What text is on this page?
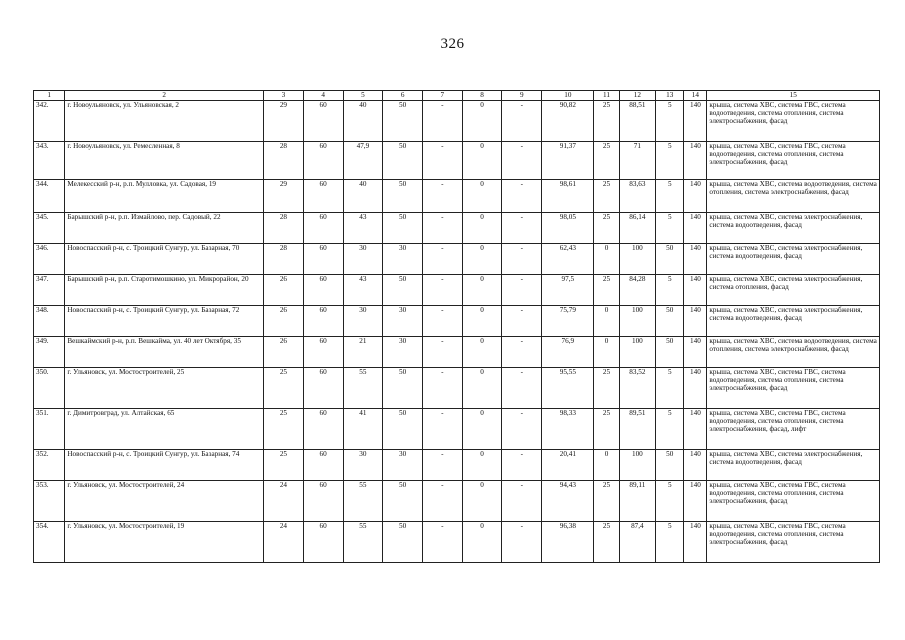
326
1	2	3	4	5	6	7	8	9	10	11	12	13	14	15
342.	г. Новоульяновск, ул. Ульяновская, 2	29	60	40	50	-	0	-	90,82	25	88,51	5	140	крыша, система ХВС, система ГВС, система водоотведения, система отопления, система электроснабжения, фасад
343.	г. Новоульяновск, ул. Ремесленная, 8	28	60	47,9	50	-	0	-	91,37	25	71	5	140	крыша, система ХВС, система ГВС, система водоотведения, система отопления, система электроснабжения, фасад
344.	Мелекесский р-н, р.п. Мулловка, ул. Садовая, 19	29	60	40	50	-	0	-	98,61	25	83,63	5	140	крыша, система ХВС, система водоотведения, система отопления, система электроснабжения, фасад
345.	Барышский р-н, р.п. Измайлово, пер. Садовый, 22	28	60	43	50	-	0	-	98,05	25	86,14	5	140	крыша, система ХВС, система электроснабжения, система водоотведения, фасад
346.	Новоспасский р-н, с. Троицкий Сунгур, ул. Базарная, 70	28	60	30	30	-	0	-	62,43	0	100	50	140	крыша, система ХВС, система электроснабжения, система водоотведения, фасад
347.	Барышский р-н, р.п. Старотимошкино, ул. Микрорайон, 20	26	60	43	50	-	0	-	97,5	25	84,28	5	140	крыша, система ХВС, система электроснабжения, система отопления, фасад
348.	Новоспасский р-н, с. Троицкий Сунгур, ул. Базарная, 72	26	60	30	30	-	0	-	75,79	0	100	50	140	крыша, система ХВС, система электроснабжения, система водоотведения, фасад
349.	Вешкаймский р-н, р.п. Вешкайма, ул. 40 лет Октября, 35	26	60	21	30	-	0	-	76,9	0	100	50	140	крыша, система ХВС, система водоотведения, система отопления, система электроснабжения, фасад
350.	г. Ульяновск, ул. Мостостроителей, 25	25	60	55	50	-	0	-	95,55	25	83,52	5	140	крыша, система ХВС, система ГВС, система водоотведения, система отопления, система электроснабжения, фасад
351.	г. Димитровград, ул. Алтайская, 65	25	60	41	50	-	0	-	98,33	25	89,51	5	140	крыша, система ХВС, система ГВС, система водоотведения, система отопления, система электроснабжения, фасад, лифт
352.	Новоспасский р-н, с. Троицкий Сунгур, ул. Базарная, 74	25	60	30	30	-	0	-	20,41	0	100	50	140	крыша, система ХВС, система электроснабжения, система водоотведения, фасад
353.	г. Ульяновск, ул. Мостостроителей, 24	24	60	55	50	-	0	-	94,43	25	89,11	5	140	крыша, система ХВС, система ГВС, система водоотведения, система отопления, система электроснабжения, фасад
354.	г. Ульяновск, ул. Мостостроителей, 19	24	60	55	50	-	0	-	96,38	25	87,4	5	140	крыша, система ХВС, система ГВС, система водоотведения, система отопления, система электроснабжения, фасад
